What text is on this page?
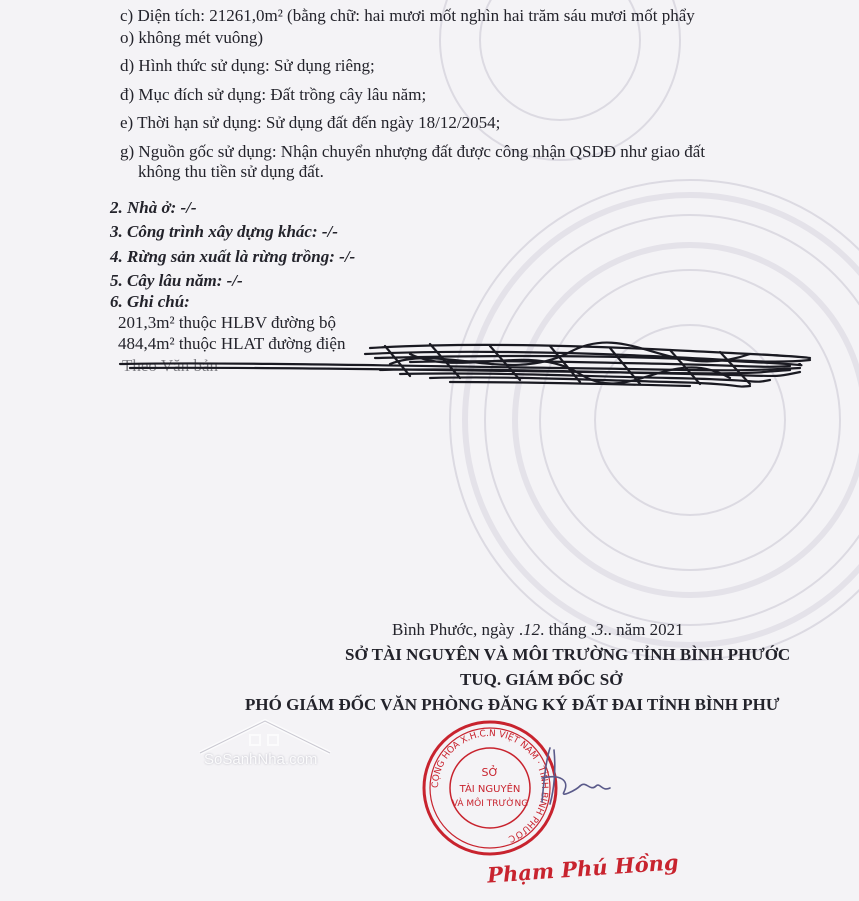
c) Diện tích: 21261,0m² (bằng chữ: hai mươi mốt nghìn hai trăm sáu mươi mốt phẩy
o) không mét vuông)
d) Hình thức sử dụng: Sử dụng riêng;
đ) Mục đích sử dụng: Đất trồng cây lâu năm;
e) Thời hạn sử dụng: Sử dụng đất đến ngày 18/12/2054;
g) Nguồn gốc sử dụng: Nhận chuyển nhượng đất được công nhận QSDĐ như giao đất
không thu tiền sử dụng đất.
2. Nhà ở: -/-
3. Công trình xây dựng khác: -/-
4. Rừng sản xuất là rừng trồng: -/-
5. Cây lâu năm: -/-
6. Ghi chú:
201,3m² thuộc HLBV đường bộ
484,4m² thuộc HLAT đường điện
Theo Văn bản
Bình Phước, ngày .12. tháng .3.. năm 2021
SỞ TÀI NGUYÊN VÀ MÔI TRƯỜNG TỈNH BÌNH PHƯỚC
TUQ. GIÁM ĐỐC SỞ
PHÓ GIÁM ĐỐC VĂN PHÒNG ĐĂNG KÝ ĐẤT ĐAI TỈNH BÌNH PHƯ
SoSanhNha.com
CỘNG HÒA X.H.C.N VIỆT NAM · TỈNH BÌNH PHƯỚC
SỞ
TÀI NGUYÊN
VÀ MÔI TRƯỜNG
Phạm Phú Hồng
